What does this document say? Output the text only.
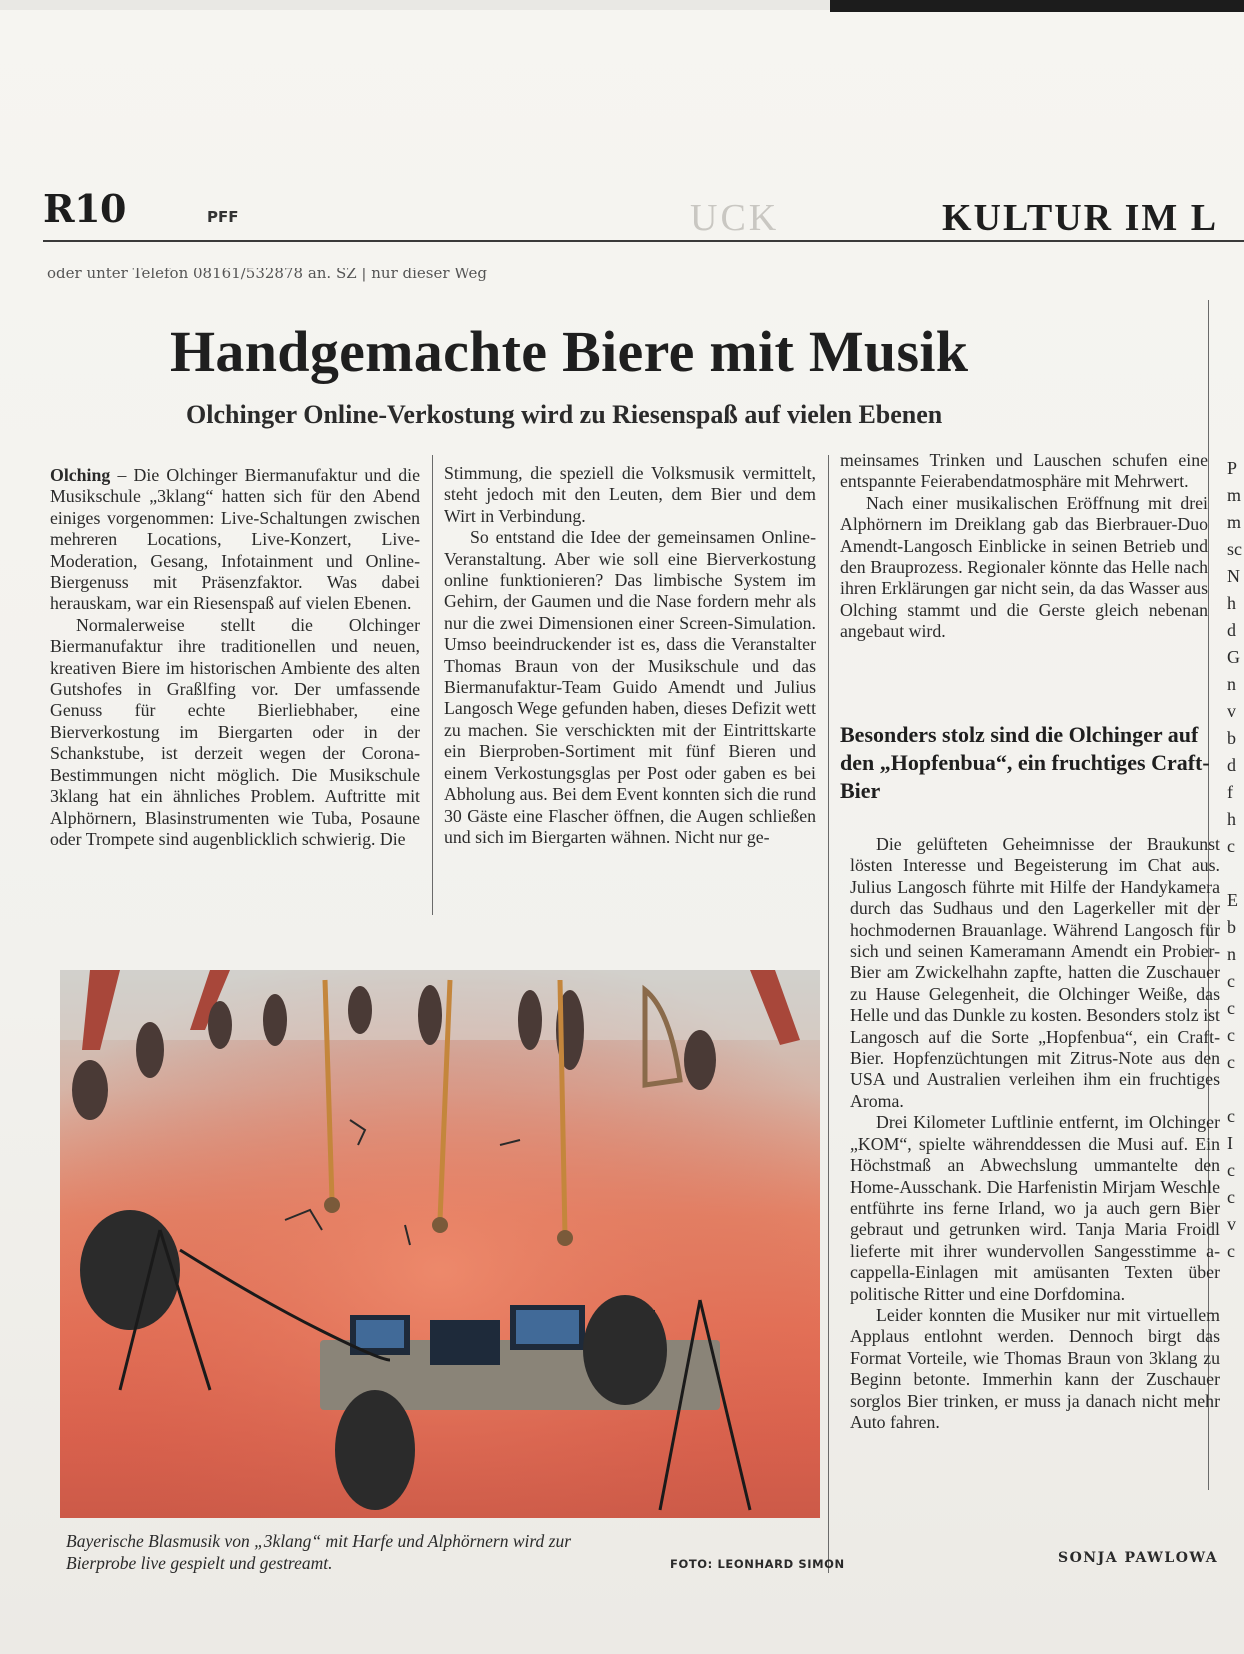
R10	PFF	KULTUR IM L
UCK
oder unter Telefon 08161/532878 an. SZ | nur dieser Weg
Handgemachte Biere mit Musik
Olchinger Online-Verkostung wird zu Riesenspaß auf vielen Ebenen

Olching – Die Olchinger Biermanufaktur und die Musikschule „3klang“ hatten sich für den Abend einiges vorgenommen: Live-Schaltungen zwischen mehreren Locations, Live-Konzert, Live-Moderation, Gesang, Infotainment und Online-Biergenuss mit Präsenzfaktor. Was dabei herauskam, war ein Riesenspaß auf vielen Ebenen.

Normalerweise stellt die Olchinger Biermanufaktur ihre traditionellen und neuen, kreativen Biere im historischen Ambiente des alten Gutshofes in Graßlfing vor. Der umfassende Genuss für echte Bierliebhaber, eine Bierverkostung im Biergarten oder in der Schankstube, ist derzeit wegen der Corona-Bestimmungen nicht möglich. Die Musikschule 3klang hat ein ähnliches Problem. Auftritte mit Alphörnern, Blasinstrumenten wie Tuba, Posaune oder Trompete sind augenblicklich schwierig. Die

Stimmung, die speziell die Volksmusik vermittelt, steht jedoch mit den Leuten, dem Bier und dem Wirt in Verbindung.

So entstand die Idee der gemeinsamen Online-Veranstaltung. Aber wie soll eine Bierverkostung online funktionieren? Das limbische System im Gehirn, der Gaumen und die Nase fordern mehr als nur die zwei Dimensionen einer Screen-Simulation. Umso beeindruckender ist es, dass die Veranstalter Thomas Braun von der Musikschule und das Biermanufaktur-Team Guido Amendt und Julius Langosch Wege gefunden haben, dieses Defizit wett zu machen. Sie verschickten mit der Eintrittskarte ein Bierproben-Sortiment mit fünf Bieren und einem Verkostungsglas per Post oder gaben es bei Abholung aus. Bei dem Event konnten sich die rund 30 Gäste eine Flascher öffnen, die Augen schließen und sich im Biergarten wähnen. Nicht nur ge-

meinsames Trinken und Lauschen schufen eine entspannte Feierabendatmosphäre mit Mehrwert.

Nach einer musikalischen Eröffnung mit drei Alphörnern im Dreiklang gab das Bierbrauer-Duo Amendt-Langosch Einblicke in seinen Betrieb und den Brauprozess. Regionaler könnte das Helle nach ihren Erklärungen gar nicht sein, da das Wasser aus Olching stammt und die Gerste gleich nebenan angebaut wird.

Besonders stolz sind die Olchinger auf den „Hopfenbua“, ein fruchtiges Craft-Bier

Die gelüfteten Geheimnisse der Braukunst lösten Interesse und Begeisterung im Chat aus. Julius Langosch führte mit Hilfe der Handykamera durch das Sudhaus und den Lagerkeller mit der hochmodernen Brauanlage. Während Langosch für sich und seinen Kameramann Amendt ein Probier-Bier am Zwickelhahn zapfte, hatten die Zuschauer zu Hause Gelegenheit, die Olchinger Weiße, das Helle und das Dunkle zu kosten. Besonders stolz ist Langosch auf die Sorte „Hopfenbua“, ein Craft-Bier. Hopfenzüchtungen mit Zitrus-Note aus den USA und Australien verleihen ihm ein fruchtiges Aroma.

Drei Kilometer Luftlinie entfernt, im Olchinger „KOM“, spielte währenddessen die Musi auf. Ein Höchstmaß an Abwechslung ummantelte den Home-Ausschank. Die Harfenistin Mirjam Weschle entführte ins ferne Irland, wo ja auch gern Bier gebraut und getrunken wird. Tanja Maria Froidl lieferte mit ihrer wundervollen Sangesstimme a-cappella-Einlagen mit amüsanten Texten über politische Ritter und eine Dorfdomina.

Leider konnten die Musiker nur mit virtuellem Applaus entlohnt werden. Dennoch birgt das Format Vorteile, wie Thomas Braun von 3klang zu Beginn betonte. Immerhin kann der Zuschauer sorglos Bier trinken, er muss ja danach nicht mehr Auto fahren.

SONJA PAWLOWA
Bayerische Blasmusik von „3klang“ mit Harfe und Alphörnern wird zur Bierprobe live gespielt und gestreamt.	FOTO: LEONHARD SIMON
P
m
m
sc
N
h
d
G
n
v
b
d
f
h
c

E
b
n
c
c
c
c

c
I
c
c
v
c
